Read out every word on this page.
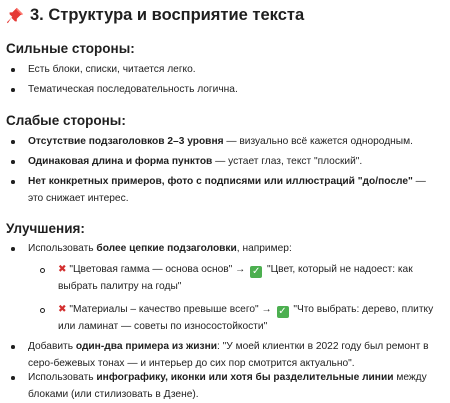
3. Структура и восприятие текста
Сильные стороны:
Есть блоки, списки, читается легко.
Тематическая последовательность логична.
Слабые стороны:
Отсутствие подзаголовков 2–3 уровня — визуально всё кажется однородным.
Одинаковая длина и форма пунктов — устает глаз, текст "плоский".
Нет конкретных примеров, фото с подписями или иллюстраций "до/после" — это снижает интерес.
Улучшения:
Использовать более цепкие подзаголовки, например:
✖ "Цветовая гамма — основа основ" → ✓ "Цвет, который не надоест: как выбрать палитру на годы"
✖ "Материалы – качество превыше всего" → ✓ "Что выбрать: дерево, плитку или ламинат — советы по износостойкости"
Добавить один-два примера из жизни: "У моей клиентки в 2022 году был ремонт в серо-бежевых тонах — и интерьер до сих пор смотрится актуально".
Использовать инфографику, иконки или хотя бы разделительные линии между блоками (или стилизовать в Дзене).
